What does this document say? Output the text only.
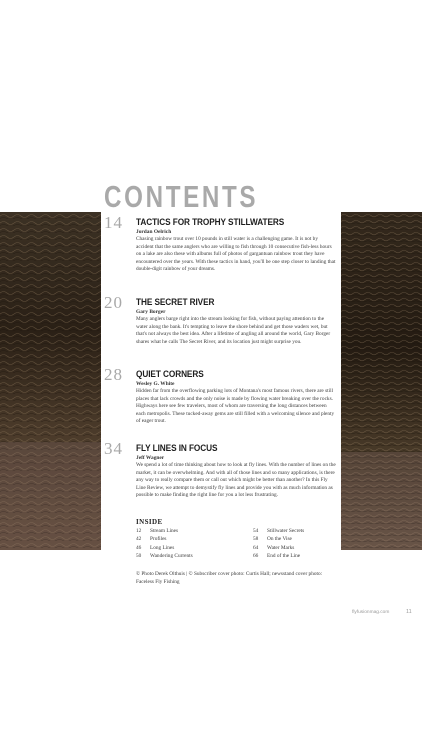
CONTENTS
14	TACTICS FOR TROPHY STILLWATERS
Jordan Oelrich

Chasing rainbow trout over 10 pounds in still water is a challenging game. It is not by accident that the same anglers who are willing to fish through 10 consecutive fish-less hours on a lake are also these with albums full of photos of gargantuan rainbow trout they have encountered over the years. With these tactics in hand, you'll be one step closer to landing that double-digit rainbow of your dreams.

20	THE SECRET RIVER
Gary Borger

Many anglers barge right into the stream looking for fish, without paying attention to the water along the bank. It's tempting to leave the shore behind and get those waders wet, but that's not always the best idea. After a lifetime of angling all around the world, Gary Borger shares what he calls The Secret River, and its location just might surprise you.

28	QUIET CORNERS
Wesley G. White

Hidden far from the overflowing parking lots of Montana's most famous rivers, there are still places that lack crowds and the only noise is made by flowing water breaking over the rocks. Highways here see few travelers, most of whom are traversing the long distances between each metropolis. These tucked-away gems are still filled with a welcoming silence and plenty of eager trout.

34	FLY LINES IN FOCUS
Jeff Wagner

We spend a lot of time thinking about how to look at fly lines. With the number of lines on the market, it can be overwhelming. And with all of those lines and so many applications, is there any way to really compare them or call out which might be better than another? In this Fly Line Review, we attempt to demystify fly lines and provide you with as much information as possible to make finding the right line for you a lot less frustrating.

INSIDE
12 Stream Lines	54 Stillwater Secrets
42 Profiles	58 On the Vise
46 Long Lines	64 Water Marks
50 Wandering Currents	66 End of the Line

© Photo Derek Olthuis | © Subscriber cover photo: Curtis Hall; newsstand cover photo: Faceless Fly Fishing

flyfusionmag.com	11
